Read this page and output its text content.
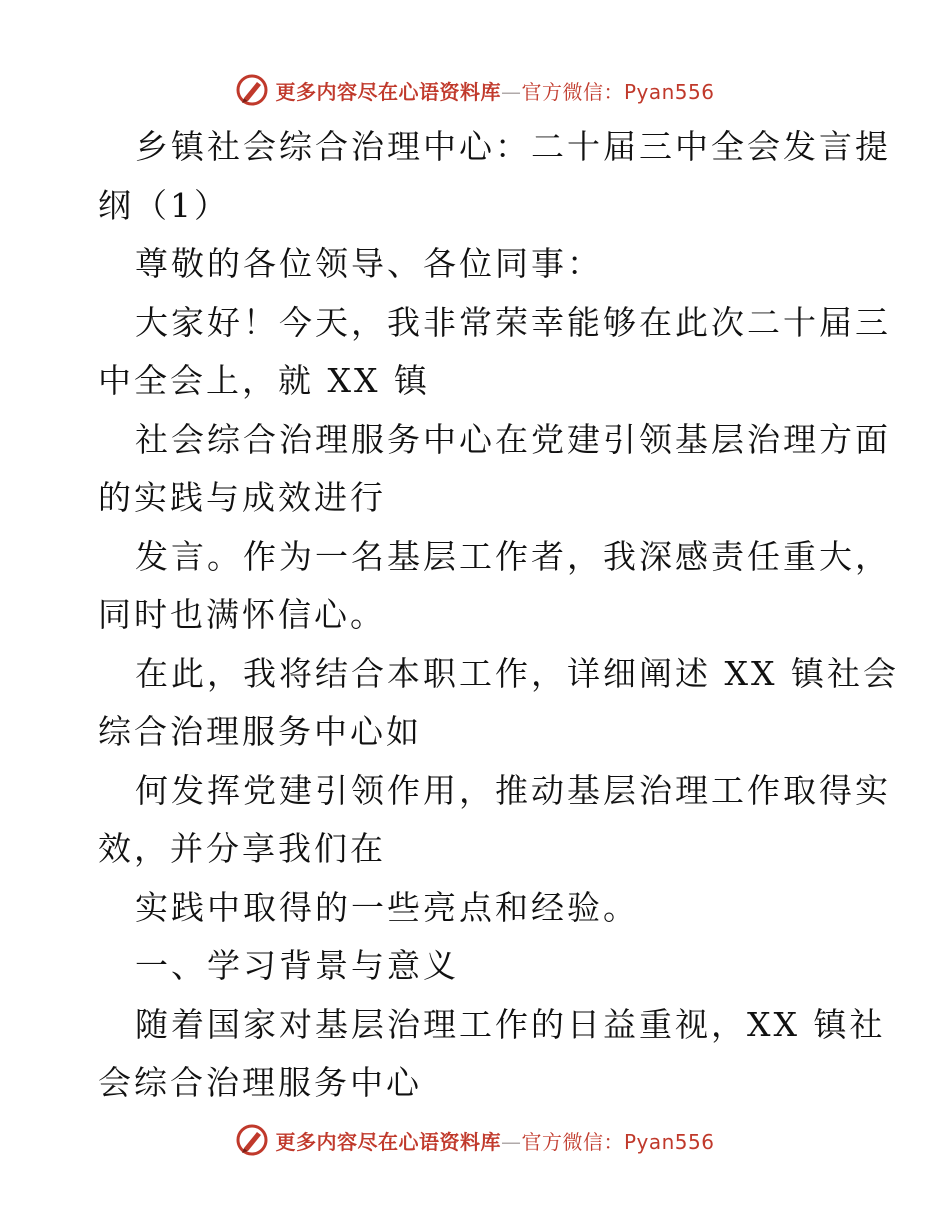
更多内容尽在心语资料库—官方微信：Pyan556
乡镇社会综合治理中心：二十届三中全会发言提
纲（1）
尊敬的各位领导、各位同事：
大家好！今天，我非常荣幸能够在此次二十届三
中全会上，就 XX 镇
社会综合治理服务中心在党建引领基层治理方面
的实践与成效进行
发言。作为一名基层工作者，我深感责任重大，
同时也满怀信心。
在此，我将结合本职工作，详细阐述 XX 镇社会
综合治理服务中心如
何发挥党建引领作用，推动基层治理工作取得实
效，并分享我们在
实践中取得的一些亮点和经验。
一、学习背景与意义
随着国家对基层治理工作的日益重视，XX 镇社
会综合治理服务中心
更多内容尽在心语资料库—官方微信：Pyan556
